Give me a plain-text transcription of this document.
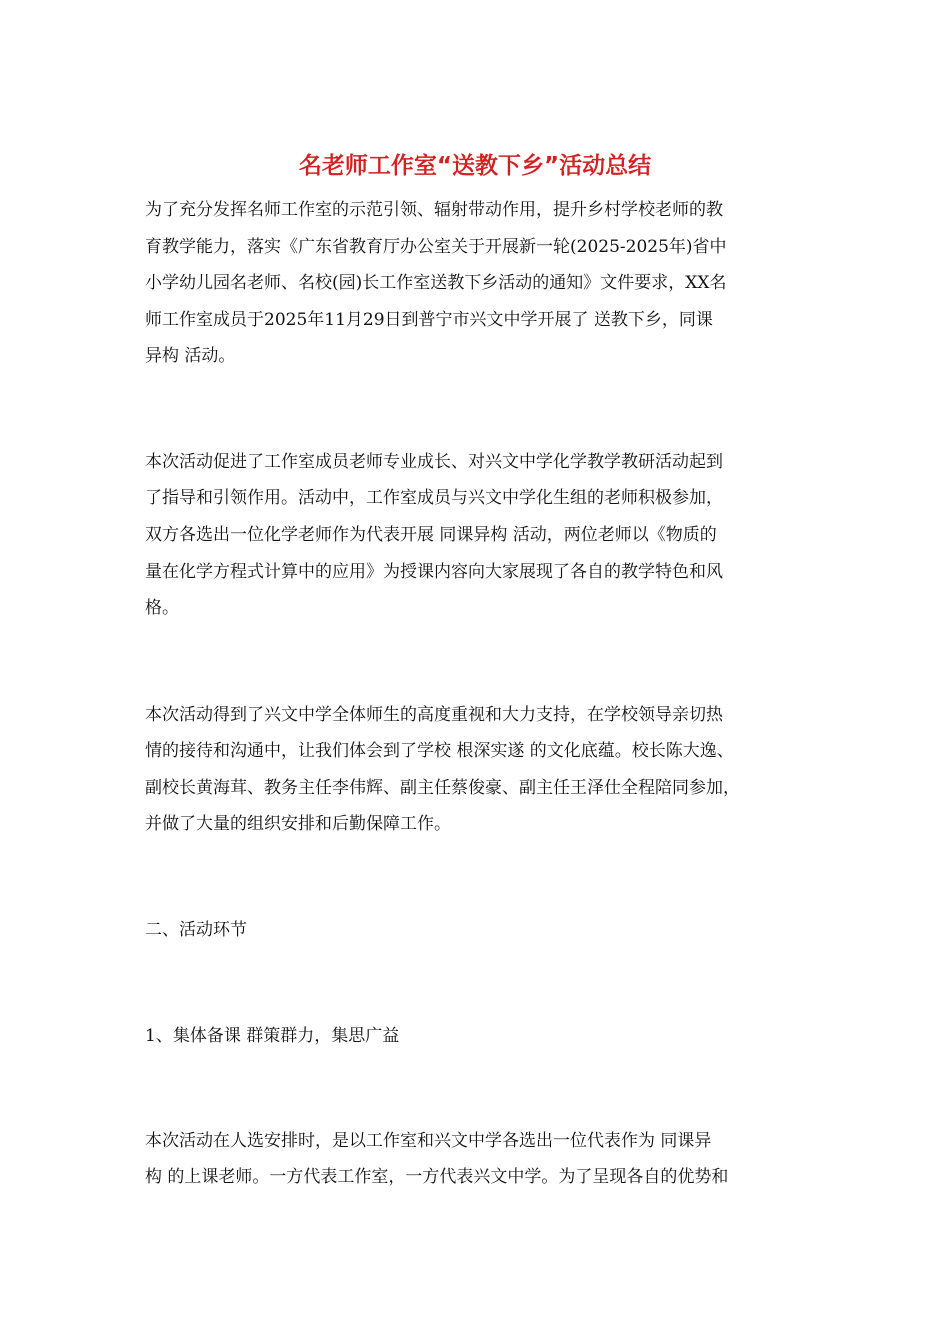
名老师工作室“送教下乡”活动总结

为了充分发挥名师工作室的示范引领、辐射带动作用，提升乡村学校老师的教

育教学能力，落实《广东省教育厅办公室关于开展新一轮(2025-2025年)省中

小学幼儿园名老师、名校(园)长工作室送教下乡活动的通知》文件要求，XX名

师工作室成员于2025年11月29日到普宁市兴文中学开展了 送教下乡，同课

异构 活动。

本次活动促进了工作室成员老师专业成长、对兴文中学化学教学教研活动起到

了指导和引领作用。活动中，工作室成员与兴文中学化生组的老师积极参加，

双方各选出一位化学老师作为代表开展 同课异构 活动，两位老师以《物质的

量在化学方程式计算中的应用》为授课内容向大家展现了各自的教学特色和风

格。

本次活动得到了兴文中学全体师生的高度重视和大力支持，在学校领导亲切热

情的接待和沟通中，让我们体会到了学校 根深实遂 的文化底蕴。校长陈大逸、

副校长黄海茸、教务主任李伟辉、副主任蔡俊豪、副主任王泽仕全程陪同参加，

并做了大量的组织安排和后勤保障工作。

二、活动环节

1、集体备课 群策群力，集思广益

本次活动在人选安排时，是以工作室和兴文中学各选出一位代表作为 同课异

构 的上课老师。一方代表工作室，一方代表兴文中学。为了呈现各自的优势和
